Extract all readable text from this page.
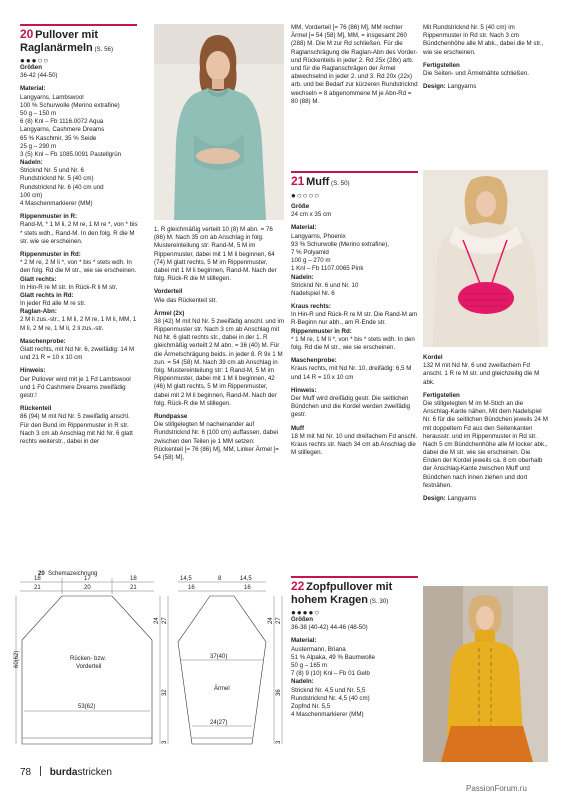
20 Pullover mit
Raglanärmeln (S. 56)
●●●○○

Größen
36-42 (44-50)

Material:
Langyarns, Lambswool
100 % Schurwolle (Merino extrafine)
50 g – 150 m
6 (8) Knl – Fb 1116.0072 Aqua
Langyarns, Cashmere Dreams
65 % Kaschmir, 35 % Seide
25 g – 290 m
3 (5) Knl – Fb 1085.0091 Pastellgrün
Nadeln:
Stricknd Nr. 5 und Nr. 6
Rundstricknd Nr. 5 (40 cm)
Rundstricknd Nr. 6 (40 cm und
100 cm)
4 Maschenmarkierer (MM)

Rippenmuster in R:
Rand-M, * 1 M li, 2 M re, 1 M re *, von * bis * stets wdh., Rand-M. In den folg. R die M str. wie sie erscheinen.

Rippenmuster in Rd:
* 2 M re, 2 M li *, von * bis * stets wdh. In den folg. Rd die M str., wie sie erscheinen.
Glatt rechts:
In Hin-R re M str. In Rück-R li M str.
Glatt rechts in Rd:
In jeder Rd alle M re str.
Raglan-Abn:
2 M li zus.-str., 1 M li, 2 M re, 1 M li, MM, 1 M li, 2 M re, 1 M li, 2 li zus.-str.

Maschenprobe:
Glatt rechts, mit Nd Nr. 6, zweifädig: 14 M und 21 R = 10 x 10 cm

Hinweis:
Der Pullover wird mit je 1 Fd Lambswool und 1 Fd Cashmere Dreams zweifädig gestr.!

Rückenteil
86 (94) M mit Nd Nr. 5 zweifädig anschl. Für den Bund im Rippenmuster in R str. Nach 3 cm ab Anschlag mit Nd Nr. 6 glatt rechts weiterstr., dabei in der

1. R gleichmäßig verteilt 10 (8) M abn. = 76 (86) M. Nach 35 cm ab Anschlag in folg. Mustereinteilung str: Rand-M, 5 M im Rippenmuster, dabei mit 1 M li beginnen, 64 (74) M glatt rechts, 5 M im Rippenmuster, dabei mit 1 M li beginnen, Rand-M. Nach der folg. Rück-R die M stillegen.

Vorderteil
Wie das Rückenteil str.

Ärmel (2x)
38 (42) M mit Nd Nr. 5 zweifädig anschl. und im Rippenmuster str. Nach 3 cm ab Anschlag mit Nd Nr. 6 glatt rechts str., dabei in der 1. R gleichmäßig verteilt 2 M abn. = 36 (40) M. Für die Ärmelschrägung beids. in jeder 8. R 9x 1 M zun. = 54 (58) M. Nach 39 cm ab Anschlag in folg. Mustereinteilung str: 1 Rand-M, 5 M im Rippenmuster, dabei mit 1 M li beginnen, 42 (46) M glatt rechts, 5 M im Rippenmuster, dabei mit 2 M li beginnen, Rand-M. Nach der folg. Rück-R die M stillegen.

Rundpasse
Die stillgelegten M nacheinander auf Rundstricknd Nr. 6 (100 cm) auffassen, dabei zwischen den Teilen je 1 MM setzen: Rückenteil [= 76 (86) M], MM, Linker Ärmel [= 54 (58) M],

MM, Vorderteil [= 76 (86) M], MM rechter Ärmel [= 54 (58) M], MM, = insgesamt 260 (288) M. Die M zur Rd schließen. Für die Raglanschrägung die Raglan-Abn des Vorder- und Rückenteils in jeder 2. Rd 25x (28x) arb. und für die Raglanschrägen der Ärmel abwechselnd in jeder 2. und 3. Rd 20x (22x) arb. und bei Bedarf zur kürzeren Rundstricknd wechseln = 8 abgenommene M je Abn-Rd = 80 (88) M.

21 Muff (S. 50)
●○○○○

Größe
24 cm x 35 cm

Material:
Langyarns, Phoenix
93 % Schurwolle (Merino extrafine),
7 % Polyamid
100 g – 270 m
1 Knl – Fb 1107.0065 Pink
Nadeln:
Stricknd Nr. 6 und Nr. 10
Nadelspiel Nr. 6

Kraus rechts:
In Hin-R und Rück-R re M str. Die Rand-M am R-Beginn nur abh., am R-Ende str.
Rippenmuster in Rd:
* 1 M re, 1 M li *, von * bis * stets wdh. In den folg. Rd die M str., wie sie erscheinen.

Maschenprobe:
Kraus rechts, mit Nd Nr. 10, dreifädig: 6,5 M und 14 R = 10 x 10 cm

Hinweis:
Der Muff wird dreifädig gestr. Die seitlichen Bündchen und die Kordel werden zweifädig gestr.

Muff
18 M mit Nd Nr. 10 und dreifachem Fd anschl. Kraus rechts str. Nach 34 cm ab Anschlag die M stillegen.

Mit Rundstricknd Nr. 5 (40 cm) im Rippenmuster in Rd str. Nach 3 cm Bündchenhöhe alle M abk., dabei die M str., wie sie erscheinen.

Fertigstellen
Die Seiten- und Ärmelnähte schließen.

Design: Langyarns

Kordel
132 M mit Nd Nr. 6 und zweifachem Fd anschl. 1 R re M str. und gleichzeitig die M abk.

Fertigstellen
Die stillgelegten M im M-Stich an die Anschlag-Kante nähen. Mit dem Nadelspiel Nr. 6 für die seitlichen Bündchen jeweils 24 M mit doppeltem Fd aus den Seitenkanten herausstr. und im Rippenmuster in Rd str. Nach 5 cm Bündchenhöhe alle M locker abk., dabei die M str. wie sie erscheinen. Die Enden der Kordel jeweils ca. 8 cm oberhalb der Anschlag-Kante zwischen Muff und Bündchen nach innen ziehen und dort festnähen.

Design: Langyarns

20 Schemazeichnung
18	17	18
21	20	21
53(62)
Rücken- bzw.
Vorderteil
60(62)
24 27
32
3
14,5	8	14,5
16	16
37(40)
Ärmel
24(27)
24 27
36
3
22 Zopfpullover mit
hohem Kragen (S. 30)
●●●●○

Größen
36-38 (40-42) 44-46 (48-50)

Material:
Austermann, Briana
51 % Alpaka, 49 % Baumwolle
50 g – 165 m
7 (8) 9 (10) Knl – Fb 01 Gelb
Nadeln:
Stricknd Nr. 4,5 und Nr. 5,5
Rundstricknd Nr. 4,5 (40 cm)
Zopfnd Nr. 5,5
4 Maschenmarkierer (MM)

78 burdastricken
PassionForum.ru
